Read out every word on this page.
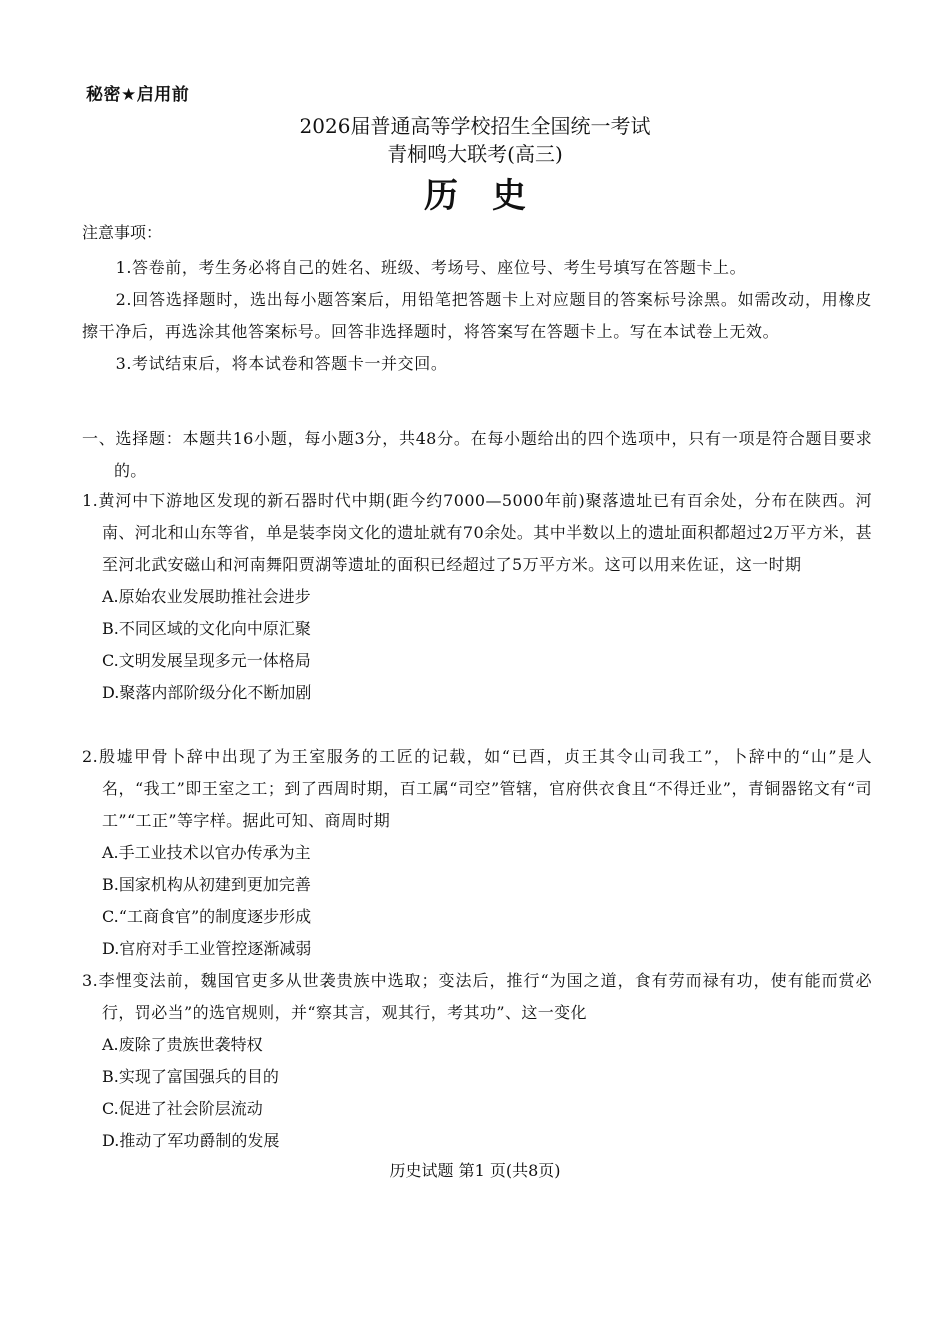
秘密★启用前
2026届普通高等学校招生全国统一考试
青桐鸣大联考(高三)
历史
注意事项：
1.答卷前，考生务必将自己的姓名、班级、考场号、座位号、考生号填写在答题卡上。
2.回答选择题时，选出每小题答案后，用铅笔把答题卡上对应题目的答案标号涂黑。如需改动，用橡皮擦干净后，再选涂其他答案标号。回答非选择题时，将答案写在答题卡上。写在本试卷上无效。
3.考试结束后，将本试卷和答题卡一并交回。
一、选择题：本题共16小题，每小题3分，共48分。在每小题给出的四个选项中，只有一项是符合题目要求的。
1.黄河中下游地区发现的新石器时代中期(距今约7000—5000年前)聚落遗址已有百余处，分布在陕西。河南、河北和山东等省，单是装李岗文化的遗址就有70余处。其中半数以上的遗址面积都超过2万平方米，甚至河北武安磁山和河南舞阳贾湖等遗址的面积已经超过了5万平方米。这可以用来佐证，这一时期
A.原始农业发展助推社会进步
B.不同区域的文化向中原汇聚
C.文明发展呈现多元一体格局
D.聚落内部阶级分化不断加剧
2.殷墟甲骨卜辞中出现了为王室服务的工匠的记载，如“已酉，贞王其令山司我工”，卜辞中的“山”是人名，“我工”即王室之工；到了西周时期，百工属“司空”管辖，官府供衣食且“不得迁业”，青铜器铭文有“司工”“工正”等字样。据此可知、商周时期
A.手工业技术以官办传承为主
B.国家机构从初建到更加完善
C.“工商食官”的制度逐步形成
D.官府对手工业管控逐渐减弱
3.李悝变法前，魏国官吏多从世袭贵族中选取；变法后，推行“为国之道，食有劳而禄有功，使有能而赏必行，罚必当”的选官规则，并“察其言，观其行，考其功”、这一变化
A.废除了贵族世袭特权
B.实现了富国强兵的目的
C.促进了社会阶层流动
D.推动了军功爵制的发展
历史试题 第1 页(共8页)
